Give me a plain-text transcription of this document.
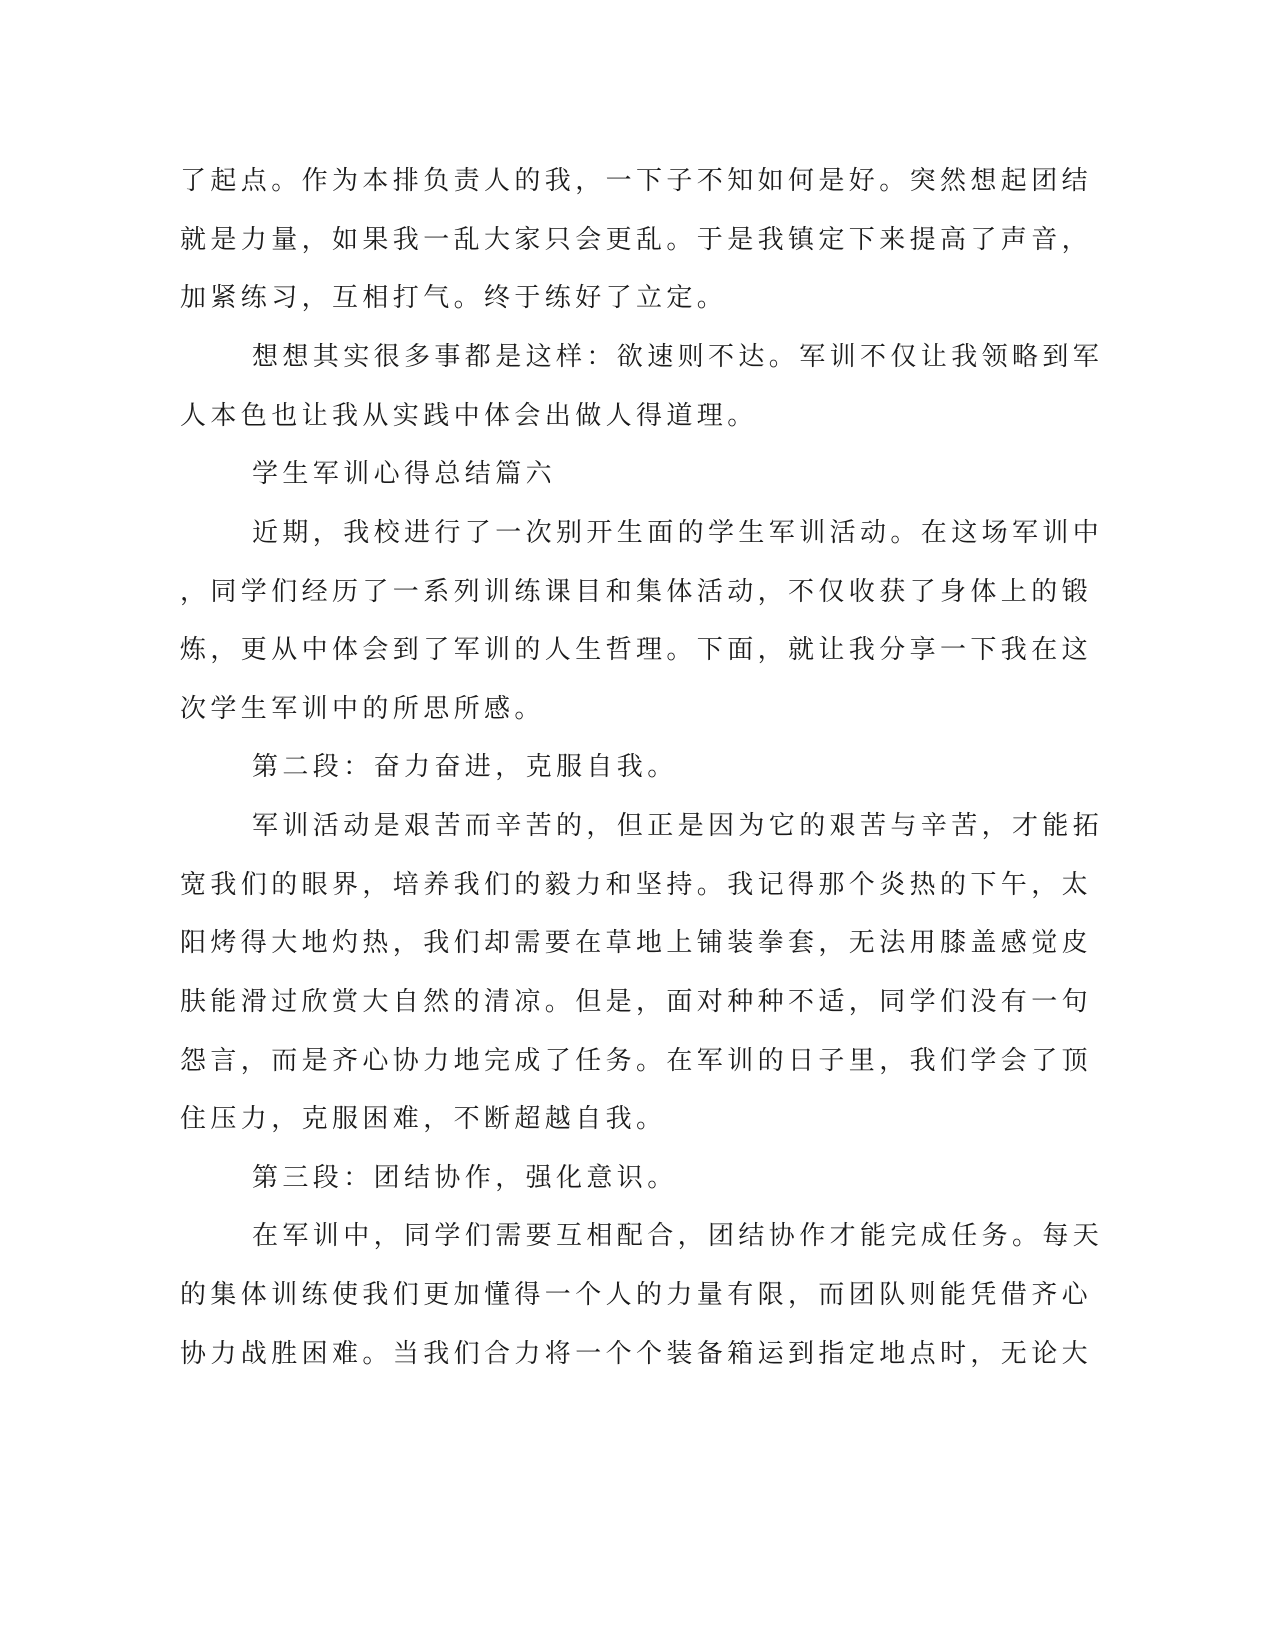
了起点。作为本排负责人的我，一下子不知如何是好。突然想起团结
就是力量，如果我一乱大家只会更乱。于是我镇定下来提高了声音，
加紧练习，互相打气。终于练好了立定。
想想其实很多事都是这样：欲速则不达。军训不仅让我领略到军
人本色也让我从实践中体会出做人得道理。
学生军训心得总结篇六
近期，我校进行了一次别开生面的学生军训活动。在这场军训中
，同学们经历了一系列训练课目和集体活动，不仅收获了身体上的锻
炼，更从中体会到了军训的人生哲理。下面，就让我分享一下我在这
次学生军训中的所思所感。
第二段：奋力奋进，克服自我。
军训活动是艰苦而辛苦的，但正是因为它的艰苦与辛苦，才能拓
宽我们的眼界，培养我们的毅力和坚持。我记得那个炎热的下午，太
阳烤得大地灼热，我们却需要在草地上铺装拳套，无法用膝盖感觉皮
肤能滑过欣赏大自然的清凉。但是，面对种种不适，同学们没有一句
怨言，而是齐心协力地完成了任务。在军训的日子里，我们学会了顶
住压力，克服困难，不断超越自我。
第三段：团结协作，强化意识。
在军训中，同学们需要互相配合，团结协作才能完成任务。每天
的集体训练使我们更加懂得一个人的力量有限，而团队则能凭借齐心
协力战胜困难。当我们合力将一个个装备箱运到指定地点时，无论大
